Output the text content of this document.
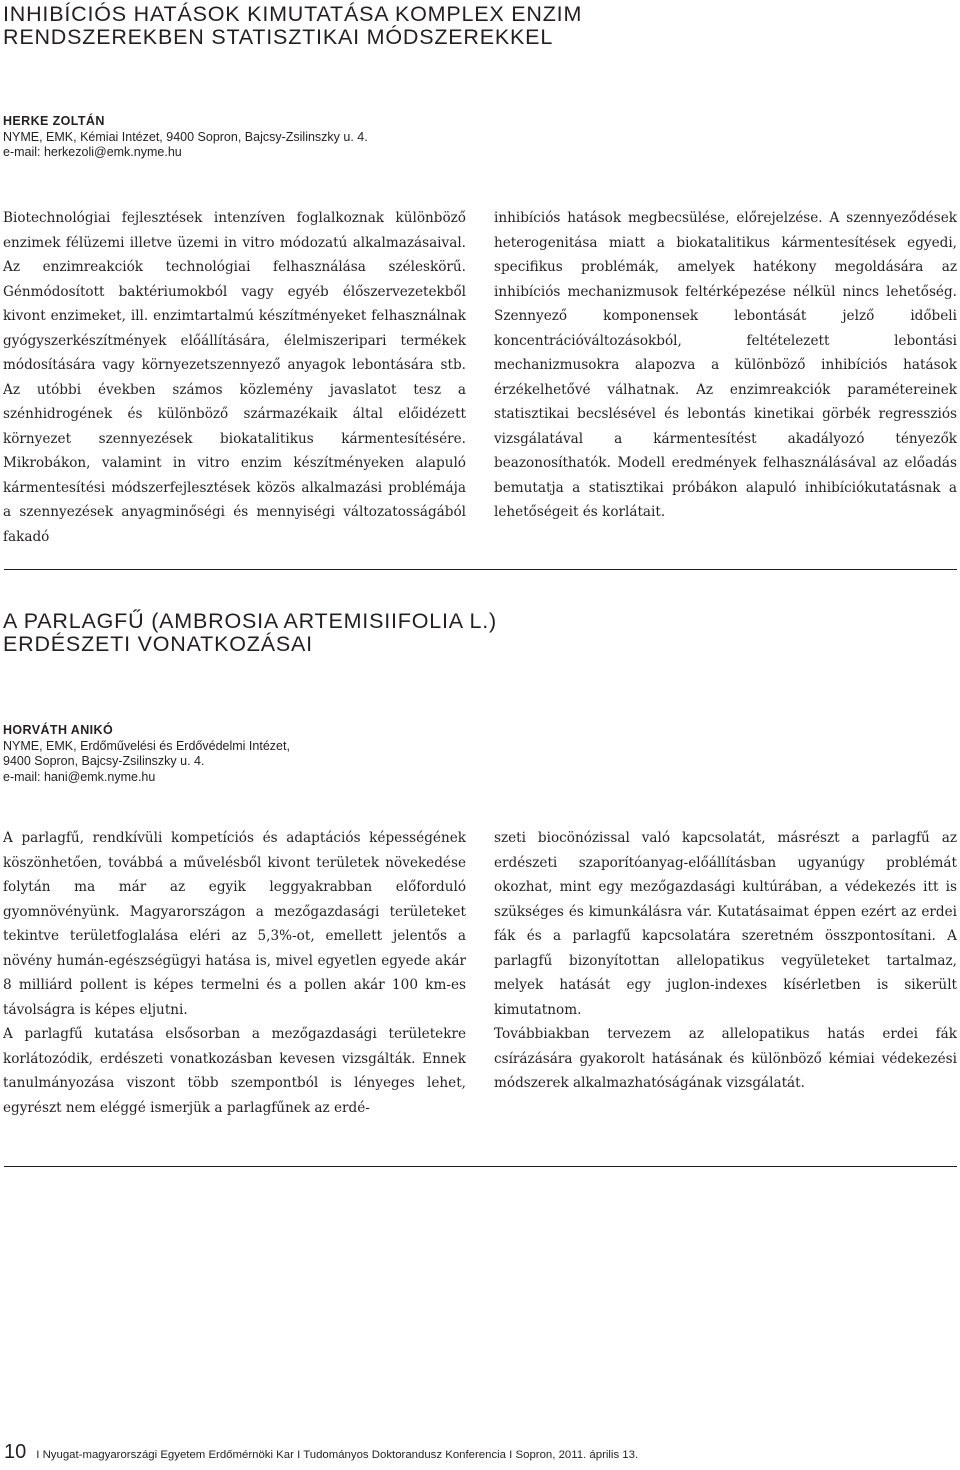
INHIBÍCIÓS HATÁSOK KIMUTATÁSA KOMPLEX ENZIM
RENDSZEREKBEN STATISZTIKAI MÓDSZEREKKEL
HERKE ZOLTÁN
NYME, EMK, Kémiai Intézet, 9400 Sopron, Bajcsy-Zsilinszky u. 4.
e-mail: herkezoli@emk.nyme.hu

Biotechnológiai fejlesztések intenzíven foglalkoznak különböző enzimek félüzemi illetve üzemi in vitro módozatú alkalmazásaival. Az enzimreakciók technológiai felhasználása széleskörű. Génmódosított baktériumokból vagy egyéb élőszervezetekből kivont enzimeket, ill. enzimtartalmú készítményeket felhasználnak gyógyszerkészítmények előállítására, élelmiszeripari termékek módosítására vagy környezetszennyező anyagok lebontására stb. Az utóbbi években számos közlemény javaslatot tesz a szénhidrogének és különböző származékaik által előidézett környezet szennyezések biokatalitikus kármentesítésére. Mikrobákon, valamint in vitro enzim készítményeken alapuló kármentesítési módszerfejlesztések közös alkalmazási problémája a szennyezések anyagminőségi és mennyiségi változatosságából fakadó

inhibíciós hatások megbecsülése, előrejelzése. A szennyeződések heterogenitása miatt a biokatalitikus kármentesítések egyedi, specifikus problémák, amelyek hatékony megoldására az inhibíciós mechanizmusok feltérképezése nélkül nincs lehetőség. Szennyező komponensek lebontását jelző időbeli koncentrációváltozásokból, feltételezett lebontási mechanizmusokra alapozva a különböző inhibíciós hatások érzékelhetővé válhatnak. Az enzimreakciók paramétereinek statisztikai becslésével és lebontás kinetikai görbék regressziós vizsgálatával a kármentesítést akadályozó tényezők beazonosíthatók. Modell eredmények felhasználásával az előadás bemutatja a statisztikai próbákon alapuló inhibíciókutatásnak a lehetőségeit és korlátait.

A PARLAGFŰ (AMBROSIA ARTEMISIIFOLIA L.)
ERDÉSZETI VONATKOZÁSAI
HORVÁTH ANIKÓ
NYME, EMK, Erdőművelési és Erdővédelmi Intézet,
9400 Sopron, Bajcsy-Zsilinszky u. 4.
e-mail: hani@emk.nyme.hu

A parlagfű, rendkívüli kompetíciós és adaptációs képességének köszönhetően, továbbá a művelésből kivont területek növekedése folytán ma már az egyik leggyakrabban előforduló gyomnövényünk. Magyarországon a mezőgazdasági területeket tekintve területfoglalása eléri az 5,3%-ot, emellett jelentős a növény humán-egészségügyi hatása is, mivel egyetlen egyede akár 8 milliárd pollent is képes termelni és a pollen akár 100 km-es távolságra is képes eljutni.

A parlagfű kutatása elsősorban a mezőgazdasági területekre korlátozódik, erdészeti vonatkozásban kevesen vizsgálták. Ennek tanulmányozása viszont több szempontból is lényeges lehet, egyrészt nem eléggé ismerjük a parlagfűnek az erdé-

szeti biocönózissal való kapcsolatát, másrészt a parlagfű az erdészeti szaporítóanyag-előállításban ugyanúgy problémát okozhat, mint egy mezőgazdasági kultúrában, a védekezés itt is szükséges és kimunkálásra vár. Kutatásaimat éppen ezért az erdei fák és a parlagfű kapcsolatára szeretném összpontosítani. A parlagfű bizonyítottan allelopatikus vegyületeket tartalmaz, melyek hatását egy juglon-indexes kísérletben is sikerült kimutatnom.

Továbbiakban tervezem az allelopatikus hatás erdei fák csírázására gyakorolt hatásának és különböző kémiai védekezési módszerek alkalmazhatóságának vizsgálatát.

10 I Nyugat-magyarországi Egyetem Erdőmérnöki Kar I Tudományos Doktorandusz Konferencia I Sopron, 2011. április 13.
